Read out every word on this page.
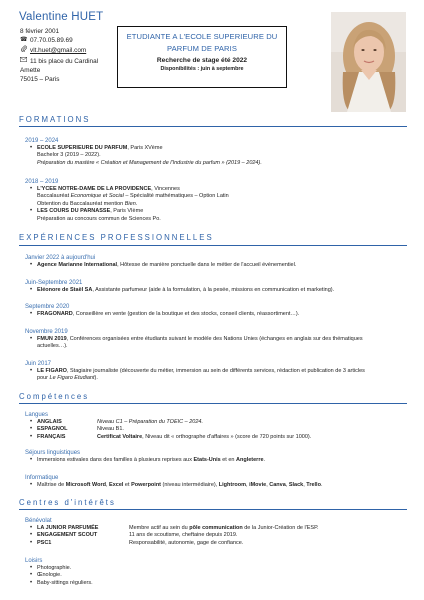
Valentine HUET
8 février 2001
☎ 07.70.05.89.69
vlt.huet@gmail.com
11 bis place du Cardinal
Amette
75015 – Paris
ETUDIANTE A L'ECOLE SUPERIEURE DU
PARFUM DE PARIS
Recherche de stage été 2022
Disponibilités : juin à septembre
FORMATIONS
2019 – 2024
• ECOLE SUPERIEURE DU PARFUM, Paris XVème
Bachelor 3 (2019 – 2022).
Préparation du mastère « Création et Management de l'Industrie du parfum » (2019 – 2024).
2018 – 2019
• L'YCEE NOTRE-DAME DE LA PROVIDENCE, Vincennes
Baccalauréat Economique et Social – Spécialité mathématiques – Option Latin
Obtention du Baccalauréat mention Bien.
• LES COURS DU PARNASSE, Paris VIème
Préparation au concours commun de Sciences Po.
EXPÉRIENCES PROFESSIONNELLES
Janvier 2022 à aujourd'hui
• Agence Marianne International, Hôtesse de manière ponctuelle dans le métier de l'accueil évènementiel.
Juin-Septembre 2021
• Eléonore de Staël SA, Assistante parfumeur (aide à la formulation, à la pesée, missions en communication et marketing).
Septembre 2020
• FRAGONARD, Conseillère en vente (gestion de la boutique et des stocks, conseil clients, réassortiment…).
Novembre 2019
• FMUN 2019, Conférences organisées entre étudiants suivant le modèle des Nations Unies (échanges en anglais sur des thématiques
actuelles…).
Juin 2017
• LE FIGARO, Stagiaire journaliste (découverte du métier, immersion au sein de différents services, rédaction et publication de 3 articles
pour Le Figaro Etudiant).
Compétences
Langues
• ANGLAIS	Niveau C1 – Préparation du TOEIC – 2024.
• ESPAGNOL	Niveau B1.
• FRANÇAIS	Certificat Voltaire, Niveau dit « orthographe d'affaires » (score de 720 points sur 1000).
Séjours linguistiques
• Immersions estivales dans des familles à plusieurs reprises aux Etats-Unis et en Angleterre.
Informatique
• Maîtrise de Microsoft Word, Excel et Powerpoint (niveau intermédiaire), Lightroom, iMovie, Canva, Slack, Trello.
Centres d'intérêts
Bénévolat
• LA JUNIOR PARFUMÉE	Membre actif au sein du pôle communication de la Junior-Création de l'ESP.
• ENGAGEMENT SCOUT	11 ans de scoutisme, cheftaine depuis 2019.
• PSC1	Responsabilité, autonomie, gage de confiance.
Loisirs
• Photographie.
• Œnologie.
• Baby-sittings réguliers.
